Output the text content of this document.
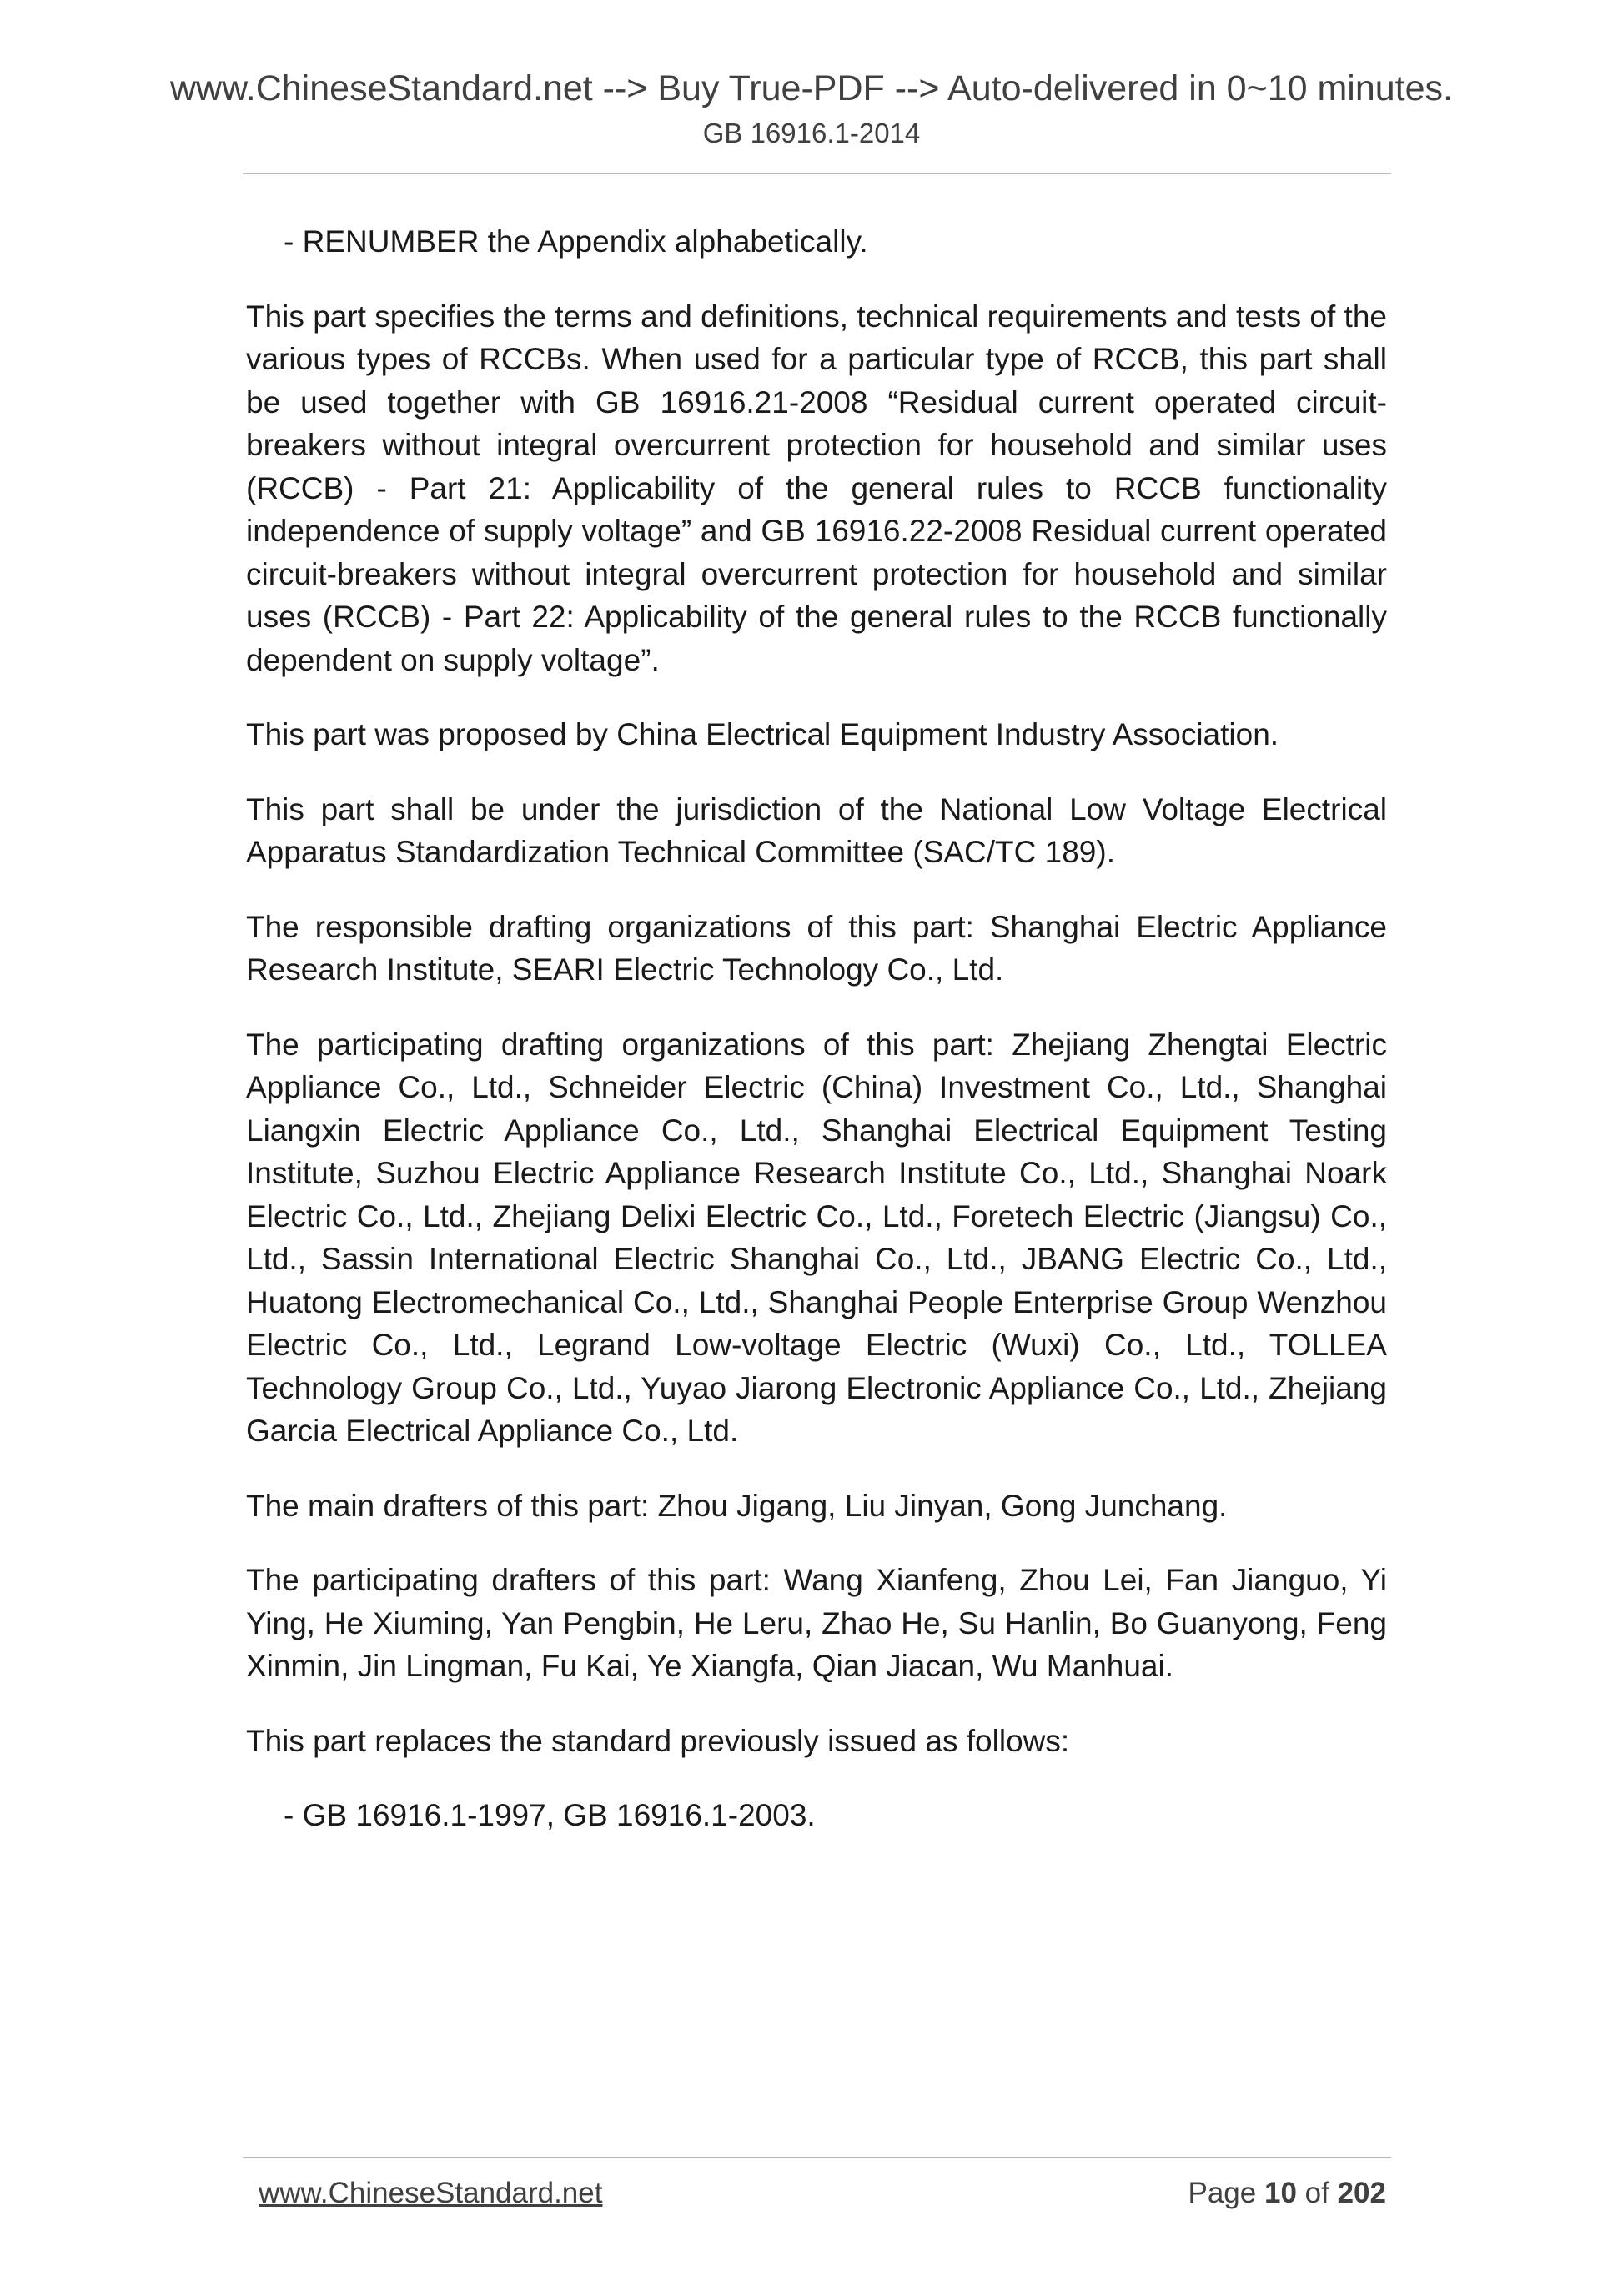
www.ChineseStandard.net --> Buy True-PDF --> Auto-delivered in 0~10 minutes.
GB 16916.1-2014

- RENUMBER the Appendix alphabetically.

This part specifies the terms and definitions, technical requirements and tests of the various types of RCCBs. When used for a particular type of RCCB, this part shall be used together with GB 16916.21-2008 “Residual current operated circuit-breakers without integral overcurrent protection for household and similar uses (RCCB) - Part 21: Applicability of the general rules to RCCB functionality independence of supply voltage” and GB 16916.22-2008 Residual current operated circuit-breakers without integral overcurrent protection for household and similar uses (RCCB) - Part 22: Applicability of the general rules to the RCCB functionally dependent on supply voltage”.

This part was proposed by China Electrical Equipment Industry Association.

This part shall be under the jurisdiction of the National Low Voltage Electrical Apparatus Standardization Technical Committee (SAC/TC 189).

The responsible drafting organizations of this part: Shanghai Electric Appliance Research Institute, SEARI Electric Technology Co., Ltd.

The participating drafting organizations of this part: Zhejiang Zhengtai Electric Appliance Co., Ltd., Schneider Electric (China) Investment Co., Ltd., Shanghai Liangxin Electric Appliance Co., Ltd., Shanghai Electrical Equipment Testing Institute, Suzhou Electric Appliance Research Institute Co., Ltd., Shanghai Noark Electric Co., Ltd., Zhejiang Delixi Electric Co., Ltd., Foretech Electric (Jiangsu) Co., Ltd., Sassin International Electric Shanghai Co., Ltd., JBANG Electric Co., Ltd., Huatong Electromechanical Co., Ltd., Shanghai People Enterprise Group Wenzhou Electric Co., Ltd., Legrand Low-voltage Electric (Wuxi) Co., Ltd., TOLLEA Technology Group Co., Ltd., Yuyao Jiarong Electronic Appliance Co., Ltd., Zhejiang Garcia Electrical Appliance Co., Ltd.

The main drafters of this part: Zhou Jigang, Liu Jinyan, Gong Junchang.

The participating drafters of this part: Wang Xianfeng, Zhou Lei, Fan Jianguo, Yi Ying, He Xiuming, Yan Pengbin, He Leru, Zhao He, Su Hanlin, Bo Guanyong, Feng Xinmin, Jin Lingman, Fu Kai, Ye Xiangfa, Qian Jiacan, Wu Manhuai.

This part replaces the standard previously issued as follows:

- GB 16916.1-1997, GB 16916.1-2003.

www.ChineseStandard.net	Page 10 of 202
